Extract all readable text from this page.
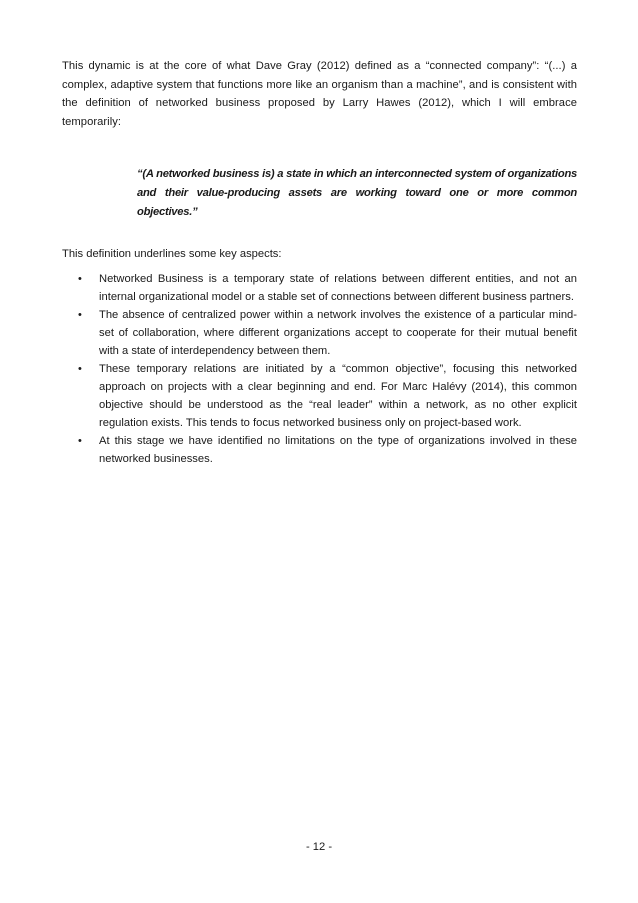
This dynamic is at the core of what Dave Gray (2012) defined as a “connected company”: “(...) a complex, adaptive system that functions more like an organism than a machine”, and is consistent with the definition of networked business proposed by Larry Hawes (2012), which I will embrace temporarily:

“(A networked business is) a state in which an interconnected system of organizations and their value-producing assets are working toward one or more common objectives.”

This definition underlines some key aspects:

• Networked Business is a temporary state of relations between different entities, and not an internal organizational model or a stable set of connections between different business partners.
• The absence of centralized power within a network involves the existence of a particular mind-set of collaboration, where different organizations accept to cooperate for their mutual benefit with a state of interdependency between them.
• These temporary relations are initiated by a “common objective”, focusing this networked approach on projects with a clear beginning and end. For Marc Halévy (2014), this common objective should be understood as the “real leader” within a network, as no other explicit regulation exists. This tends to focus networked business only on project-based work.
• At this stage we have identified no limitations on the type of organizations involved in these networked businesses.
- 12 -
